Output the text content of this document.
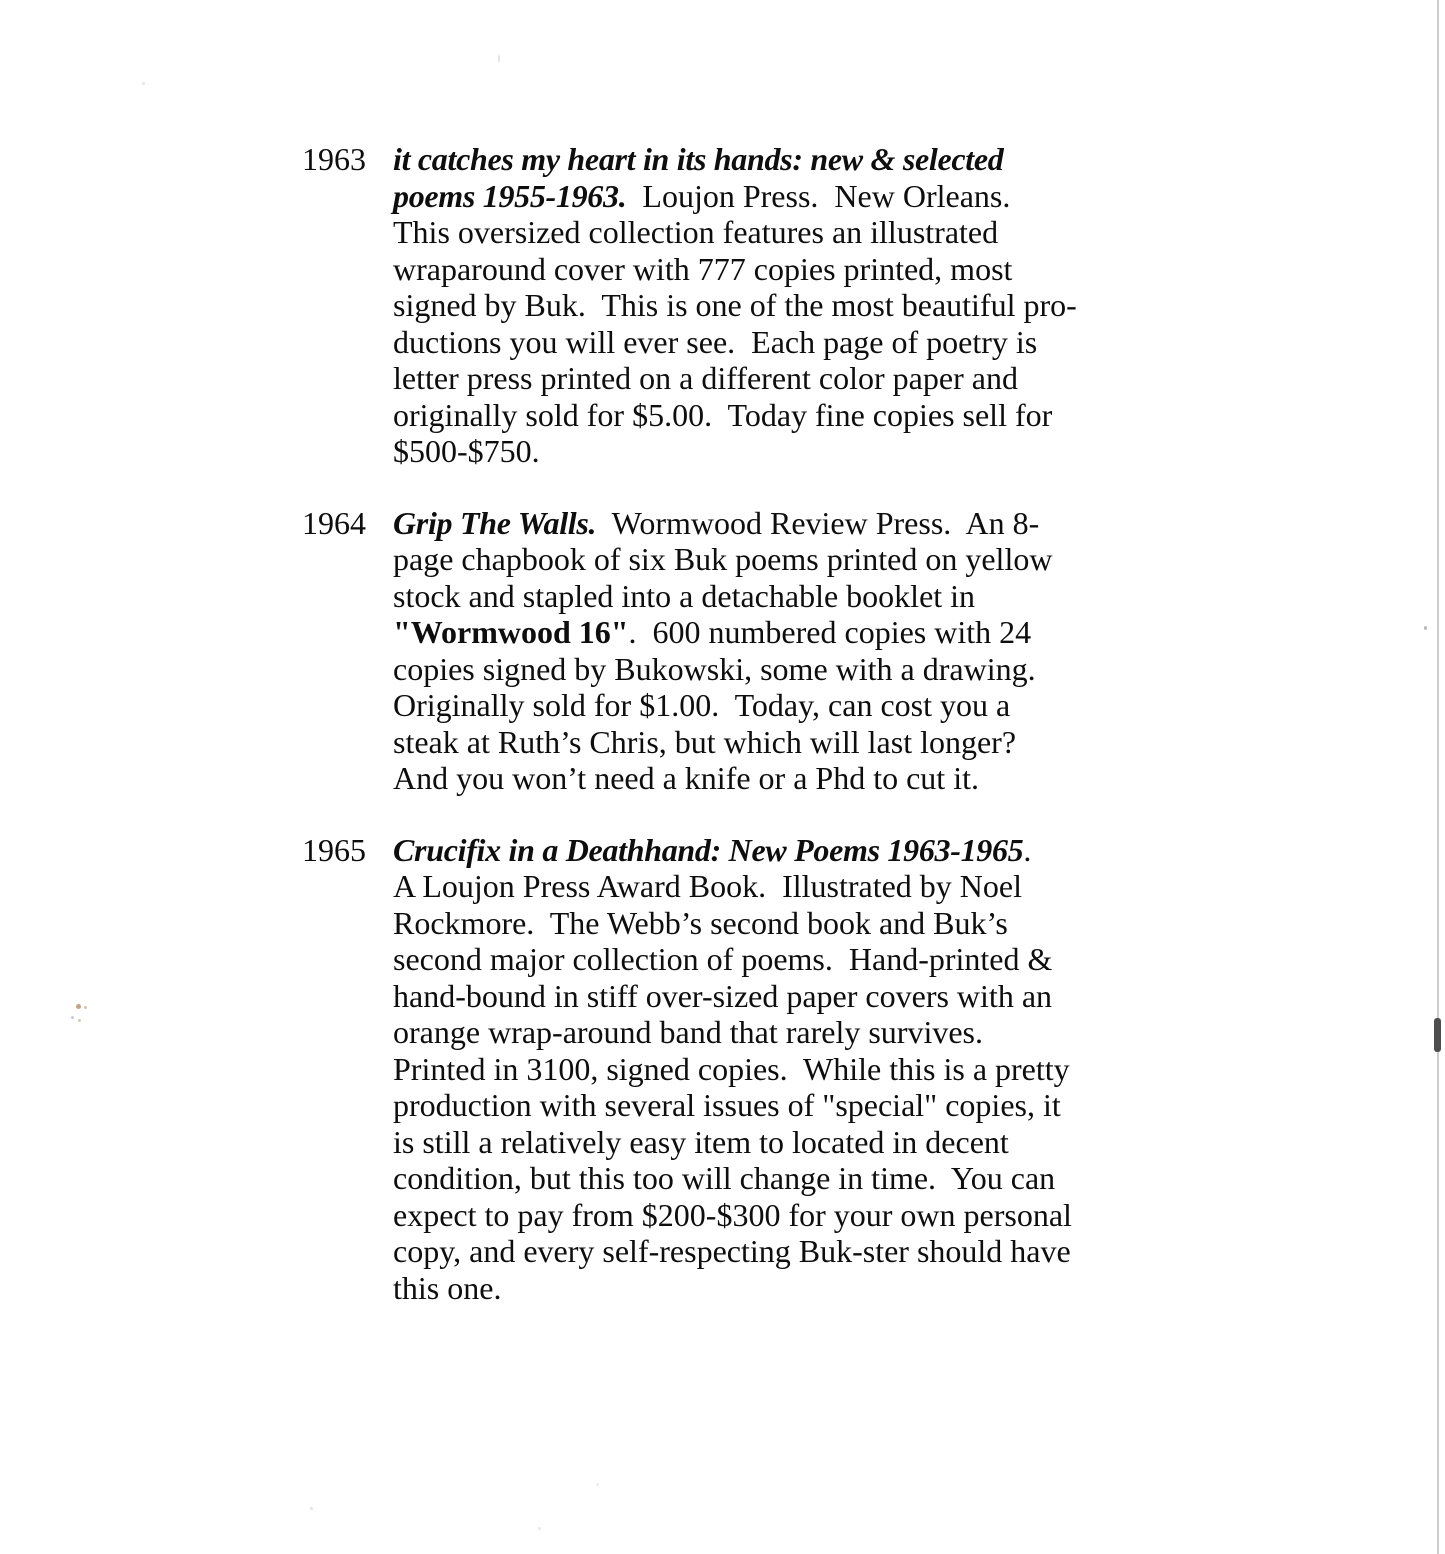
1963 it catches my heart in its hands: new & selected
poems 1955-1963.  Loujon Press.  New Orleans.
This oversized collection features an illustrated
wraparound cover with 777 copies printed, most
signed by Buk.  This is one of the most beautiful pro-
ductions you will ever see.  Each page of poetry is
letter press printed on a different color paper and
originally sold for $5.00.  Today fine copies sell for
$500-$750.
1964 Grip The Walls.  Wormwood Review Press.  An 8-
page chapbook of six Buk poems printed on yellow
stock and stapled into a detachable booklet in
"Wormwood 16".  600 numbered copies with 24
copies signed by Bukowski, some with a drawing.
Originally sold for $1.00.  Today, can cost you a
steak at Ruth’s Chris, but which will last longer?
And you won’t need a knife or a Phd to cut it.
1965 Crucifix in a Deathhand: New Poems 1963-1965.
A Loujon Press Award Book.  Illustrated by Noel
Rockmore.  The Webb’s second book and Buk’s
second major collection of poems.  Hand-printed &
hand-bound in stiff over-sized paper covers with an
orange wrap-around band that rarely survives.
Printed in 3100, signed copies.  While this is a pretty
production with several issues of "special" copies, it
is still a relatively easy item to located in decent
condition, but this too will change in time.  You can
expect to pay from $200-$300 for your own personal
copy, and every self-respecting Buk-ster should have
this one.
